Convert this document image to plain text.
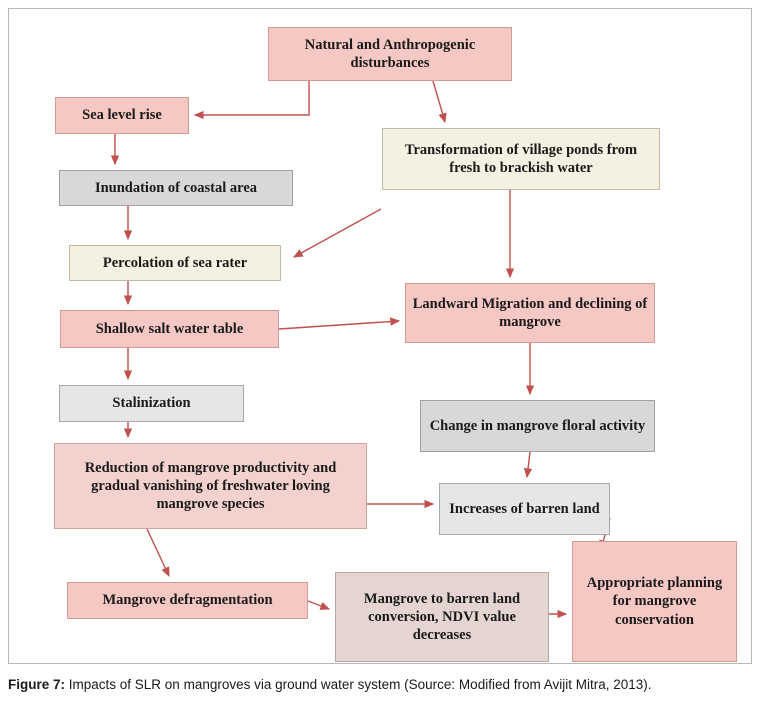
Natural and Anthropogenic disturbances
Sea level rise
Transformation of village ponds from fresh to brackish water
Inundation of coastal area
Percolation of sea rater
Landward Migration and declining of mangrove
Shallow salt water table
Stalinization
Change in mangrove floral activity
Reduction of mangrove productivity and gradual vanishing of freshwater loving mangrove species	Increases of barren land
Appropriate planning for mangrove conservation
Mangrove to barren land conversion, NDVI value decreases
Mangrove defragmentation
Figure 7: Impacts of SLR on mangroves via ground water system (Source: Modified from Avijit Mitra, 2013).
